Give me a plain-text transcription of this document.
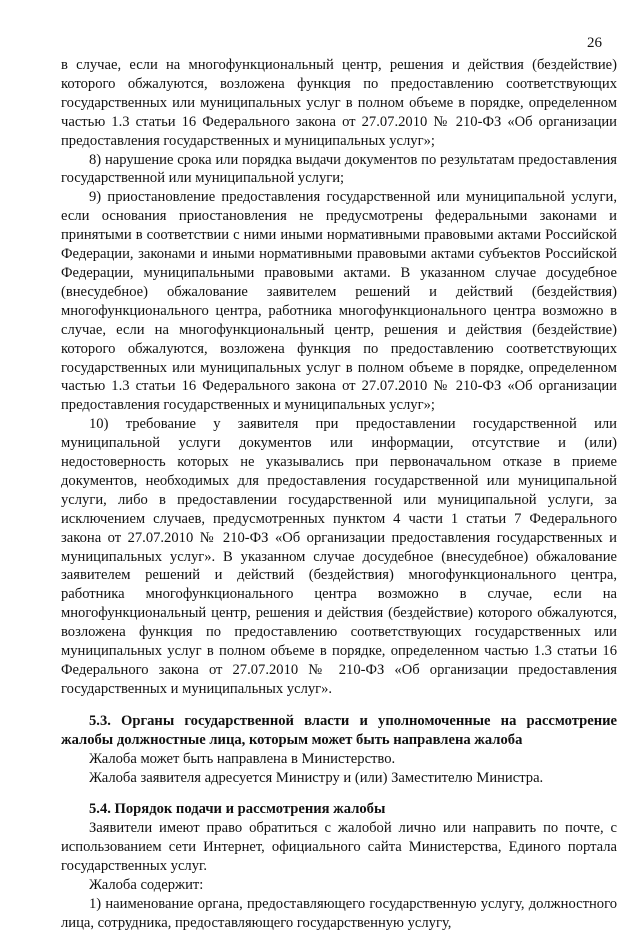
26

в случае, если на многофункциональный центр, решения и действия (бездействие) которого обжалуются, возложена функция по предоставлению соответствующих государственных или муниципальных услуг в полном объеме в порядке, определенном частью 1.3 статьи 16 Федерального закона от 27.07.2010 № 210-ФЗ «Об организации предоставления государственных и муниципальных услуг»;

8) нарушение срока или порядка выдачи документов по результатам предоставления государственной или муниципальной услуги;

9) приостановление предоставления государственной или муниципальной услуги, если основания приостановления не предусмотрены федеральными законами и принятыми в соответствии с ними иными нормативными правовыми актами Российской Федерации, законами и иными нормативными правовыми актами субъектов Российской Федерации, муниципальными правовыми актами. В указанном случае досудебное (внесудебное) обжалование заявителем решений и действий (бездействия) многофункционального центра, работника многофункционального центра возможно в случае, если на многофункциональный центр, решения и действия (бездействие) которого обжалуются, возложена функция по предоставлению соответствующих государственных или муниципальных услуг в полном объеме в порядке, определенном частью 1.3 статьи 16 Федерального закона от 27.07.2010 № 210-ФЗ «Об организации предоставления государственных и муниципальных услуг»;

10) требование у заявителя при предоставлении государственной или муниципальной услуги документов или информации, отсутствие и (или) недостоверность которых не указывались при первоначальном отказе в приеме документов, необходимых для предоставления государственной или муниципальной услуги, либо в предоставлении государственной или муниципальной услуги, за исключением случаев, предусмотренных пунктом 4 части 1 статьи 7 Федерального закона от 27.07.2010 № 210-ФЗ «Об организации предоставления государственных и муниципальных услуг». В указанном случае досудебное (внесудебное) обжалование заявителем решений и действий (бездействия) многофункционального центра, работника многофункционального центра возможно в случае, если на многофункциональный центр, решения и действия (бездействие) которого обжалуются, возложена функция по предоставлению соответствующих государственных или муниципальных услуг в полном объеме в порядке, определенном частью 1.3 статьи 16 Федерального закона от 27.07.2010 № 210-ФЗ «Об организации предоставления государственных и муниципальных услуг».

5.3. Органы государственной власти и уполномоченные на рассмотрение жалобы должностные лица, которым может быть направлена жалоба

Жалоба может быть направлена в Министерство.

Жалоба заявителя адресуется Министру и (или) Заместителю Министра.

5.4. Порядок подачи и рассмотрения жалобы

Заявители имеют право обратиться с жалобой лично или направить по почте, с использованием сети Интернет, официального сайта Министерства, Единого портала государственных услуг.

Жалоба содержит:

1) наименование органа, предоставляющего государственную услугу, должностного лица, сотрудника, предоставляющего государственную услугу,
